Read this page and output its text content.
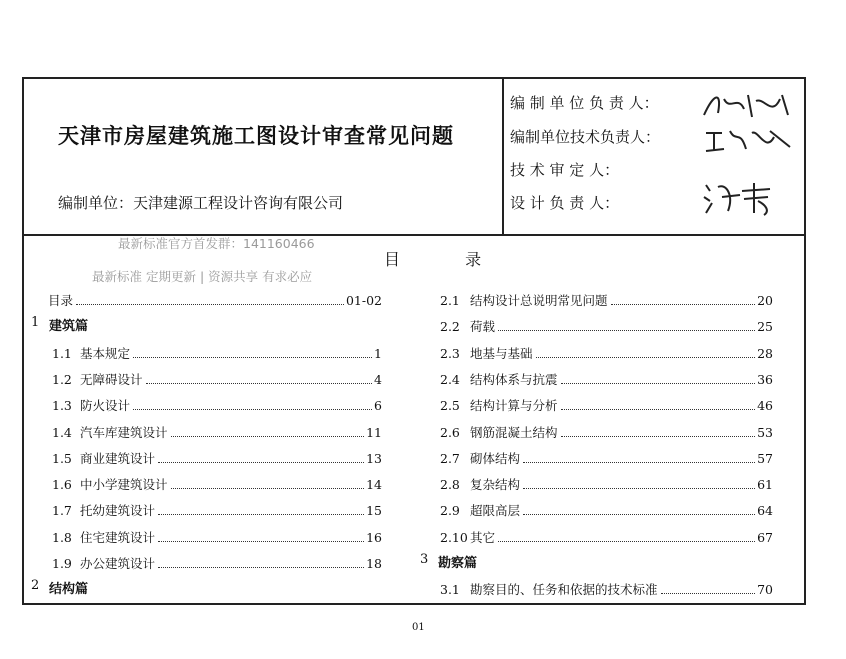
天津市房屋建筑施工图设计审查常见问题
编制单位：天津建源工程设计咨询有限公司
编 制 单 位 负 责 人：
编制单位技术负责人：
技 术 审 定 人：
设 计 负 责 人：
最新标准官方首发群：141160466
最新标准 定期更新 | 资源共享 有求必应
目 录
目录	01-02
1 建筑篇
1.1 基本规定	1
1.2 无障碍设计	4
1.3 防火设计	6
1.4 汽车库建筑设计	11
1.5 商业建筑设计	13
1.6 中小学建筑设计	14
1.7 托幼建筑设计	15
1.8 住宅建筑设计	16
1.9 办公建筑设计	18
2 结构篇
2.1 结构设计总说明常见问题	20
2.2 荷载	25
2.3 地基与基础	28
2.4 结构体系与抗震	36
2.5 结构计算与分析	46
2.6 钢筋混凝土结构	53
2.7 砌体结构	57
2.8 复杂结构	61
2.9 超限高层	64
2.10 其它	67
3 勘察篇
3.1 勘察目的、任务和依据的技术标准	70
01
